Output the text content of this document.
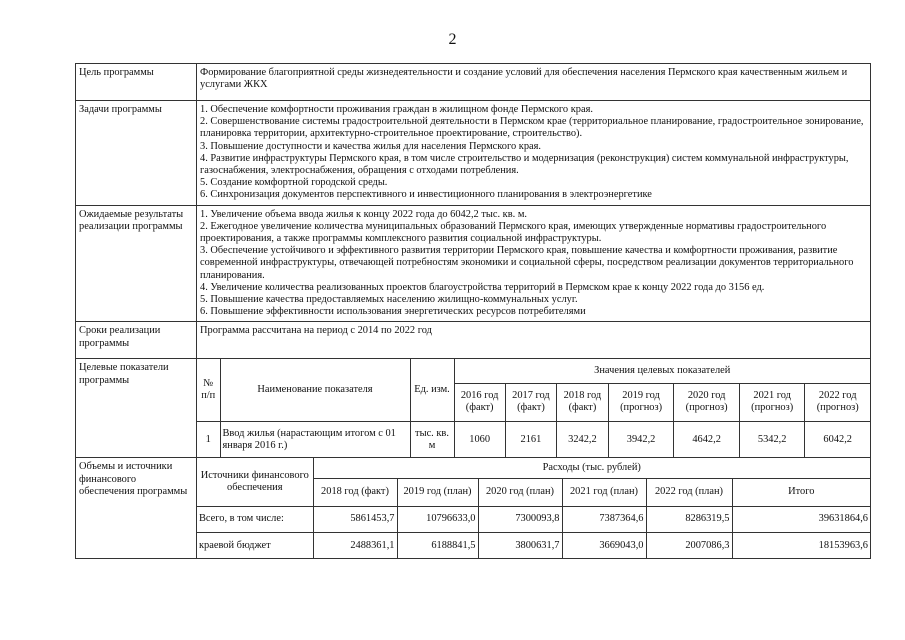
2
Цель программы	Формирование благоприятной среды жизнедеятельности и создание условий для обеспечения населения Пермского края качественным жильем и услугами ЖКХ
Задачи программы	1. Обеспечение комфортности проживания граждан в жилищном фонде Пермского края.
2. Совершенствование системы градостроительной деятельности в Пермском крае (территориальное планирование, градостроительное зонирование, планировка территории, архитектурно-строительное проектирование, строительство).
3. Повышение доступности и качества жилья для населения Пермского края.
4. Развитие инфраструктуры Пермского края, в том числе строительство и модернизация (реконструкция) систем коммунальной инфраструктуры, газоснабжения, электроснабжения, обращения с отходами потребления.
5. Создание комфортной городской среды.
6. Синхронизация документов перспективного и инвестиционного планирования в электроэнергетике

Ожидаемые результаты реализации программы	
1. Увеличение объема ввода жилья к концу 2022 года до 6042,2 тыс. кв. м.
2. Ежегодное увеличение количества муниципальных образований Пермского края, имеющих утвержденные нормативы градостроительного проектирования, а также программы комплексного развития социальной инфраструктуры.
3. Обеспечение устойчивого и эффективного развития территории Пермского края, повышение качества и комфортности проживания, развитие современной инфраструктуры, отвечающей потребностям экономики и социальной сферы, посредством реализации документов территориального планирования.
4. Увеличение количества реализованных проектов благоустройства территорий в Пермском крае к концу 2022 года до 3156 ед.
5. Повышение качества предоставляемых населению жилищно-коммунальных услуг.
6. Повышение эффективности использования энергетических ресурсов потребителями

Сроки реализации программы	Программа рассчитана на период с 2014 по 2022 год
Целевые показатели программы		№ п/п	Наименование показателя	Ед. изм.	Значения целевых показателей
2016 год (факт)	2017 год (факт)	2018 год (факт)	2019 год (прогноз)	2020 год (прогноз)	2021 год (прогноз)	2022 год (прогноз)
1	Ввод жилья (нарастающим итогом с 01 января 2016 г.)	тыс. кв. м	1060	2161	3242,2	3942,2	4642,2	5342,2	6042,2

Объемы и источники финансового обеспечения программы	
Источники финансового обеспечения	Расходы (тыс. рублей)
2018 год (факт)	2019 год (план)	2020 год (план)	2021 год (план)	2022 год (план)	Итого
Всего, в том числе:	5861453,7	10796633,0	7300093,8	7387364,6	8286319,5	39631864,6
краевой бюджет	2488361,1	6188841,5	3800631,7	3669043,0	2007086,3	18153963,6
